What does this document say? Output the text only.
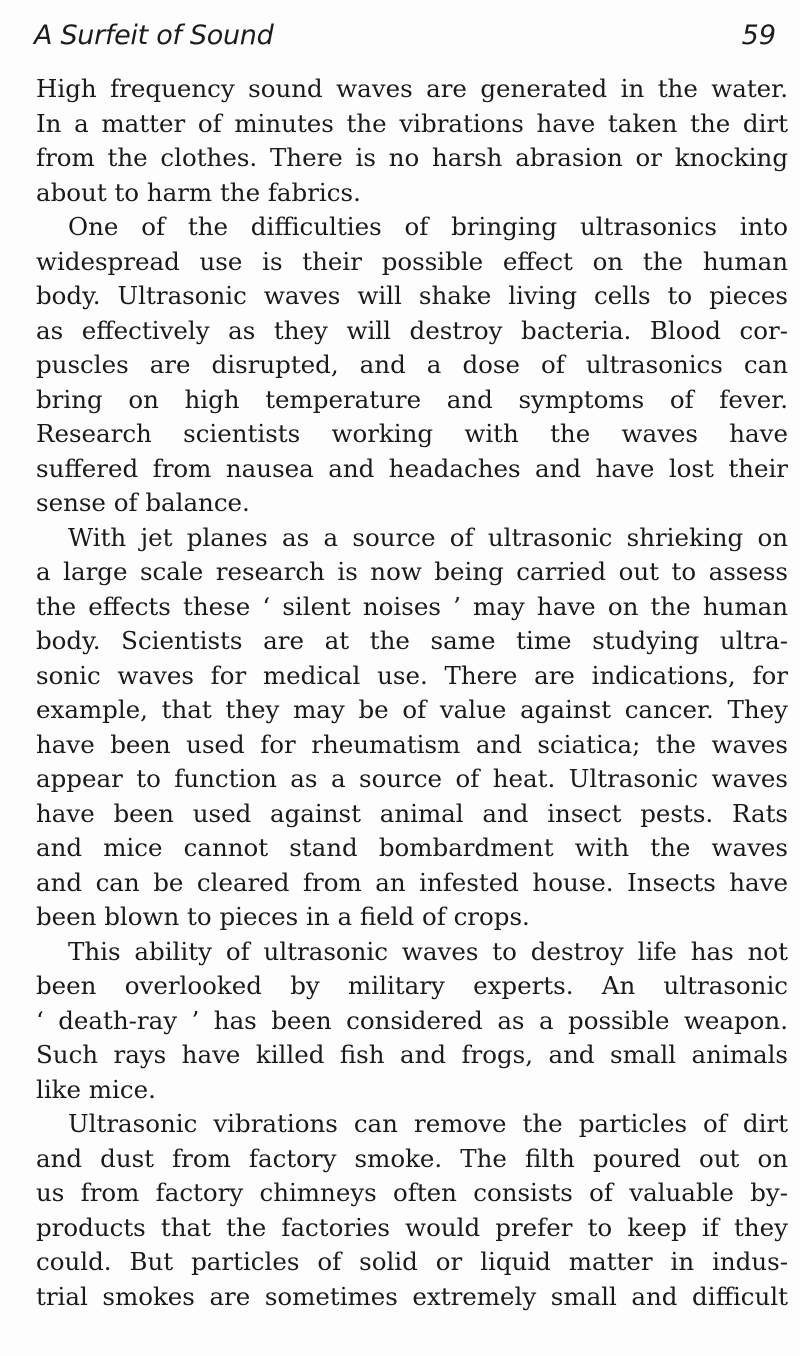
A Surfeit of Sound	59
High frequency sound waves are generated in the water.
In a matter of minutes the vibrations have taken the dirt
from the clothes. There is no harsh abrasion or knocking
about to harm the fabrics.
One of the difficulties of bringing ultrasonics into
widespread use is their possible effect on the human
body. Ultrasonic waves will shake living cells to pieces
as effectively as they will destroy bacteria. Blood cor-
puscles are disrupted, and a dose of ultrasonics can
bring on high temperature and symptoms of fever.
Research scientists working with the waves have
suffered from nausea and headaches and have lost their
sense of balance.
With jet planes as a source of ultrasonic shrieking on
a large scale research is now being carried out to assess
the effects these ‘ silent noises ’ may have on the human
body. Scientists are at the same time studying ultra-
sonic waves for medical use. There are indications, for
example, that they may be of value against cancer. They
have been used for rheumatism and sciatica; the waves
appear to function as a source of heat. Ultrasonic waves
have been used against animal and insect pests. Rats
and mice cannot stand bombardment with the waves
and can be cleared from an infested house. Insects have
been blown to pieces in a field of crops.
This ability of ultrasonic waves to destroy life has not
been overlooked by military experts. An ultrasonic
‘ death-ray ’ has been considered as a possible weapon.
Such rays have killed fish and frogs, and small animals
like mice.
Ultrasonic vibrations can remove the particles of dirt
and dust from factory smoke. The filth poured out on
us from factory chimneys often consists of valuable by-
products that the factories would prefer to keep if they
could. But particles of solid or liquid matter in indus-
trial smokes are sometimes extremely small and difficult
